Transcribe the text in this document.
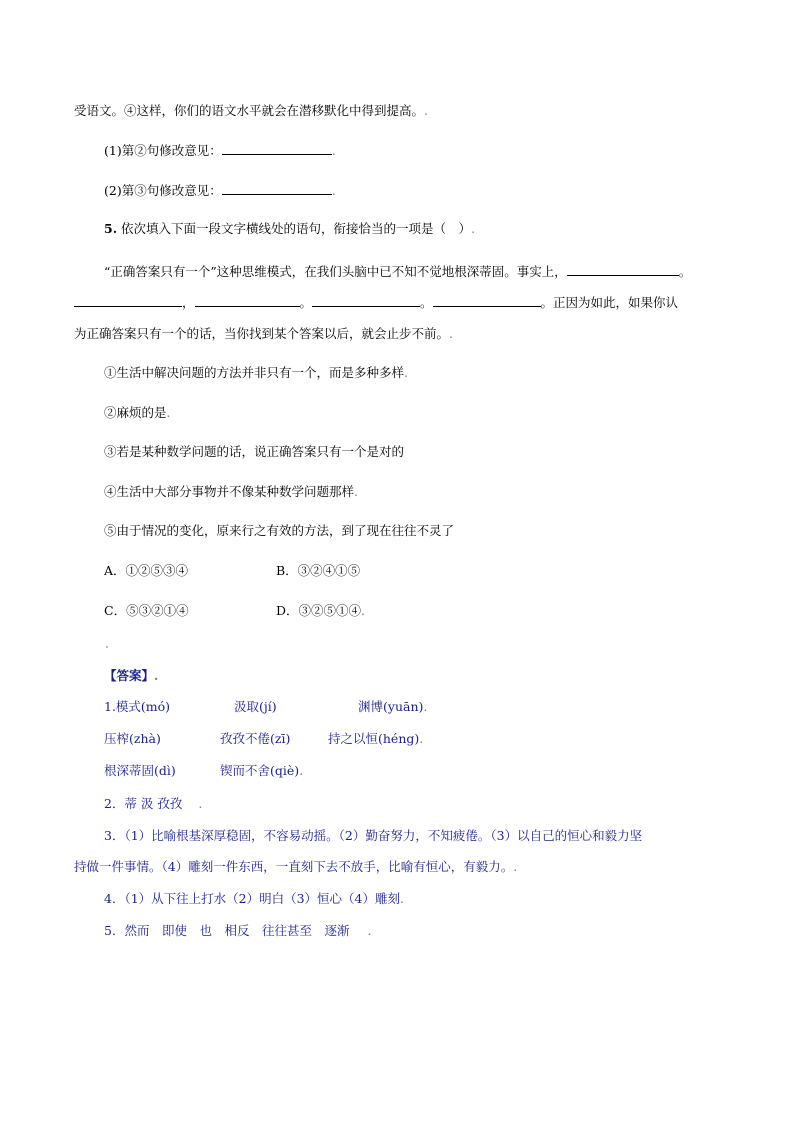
受语文。④这样，你们的语文水平就会在潜移默化中得到提高。.
(1)第②句修改意见：	.
(2)第③句修改意见：	.
5. 依次填入下面一段文字横线处的语句，衔接恰当的一项是（　）.
“正确答案只有一个”这种思维模式，在我们头脑中已不知不觉地根深蒂固。事实上，	。
，	。	。	。正因为如此，如果你认
为正确答案只有一个的话，当你找到某个答案以后，就会止步不前。.
①生活中解决问题的方法并非只有一个，而是多种多样.
②麻烦的是.
③若是某种数学问题的话，说正确答案只有一个是对的
④生活中大部分事物并不像某种数学问题那样.
⑤由于情况的变化，原来行之有效的方法，到了现在往往不灵了
A．①②⑤③④	B．③②④①⑤
C．⑤③②①④	D．③②⑤①④.
【答案】.
1.模式(mó)	汲取(jí)	渊博(yuān).
压榨(zhà)	孜孜不倦(zī)	持之以恒(héng).
根深蒂固(dì)	锲而不舍(qiè).
2．蒂 汲 孜孜 .
3．（1）比喻根基深厚稳固，不容易动摇。（2）勤奋努力，不知疲倦。（3）以自己的恒心和毅力坚
持做一件事情。（4）雕刻一件东西，一直刻下去不放手，比喻有恒心，有毅力。.
4．（1）从下往上打水（2）明白（3）恒心（4）雕刻.
5．然而　即使　也　相反　往往甚至　逐渐 .
